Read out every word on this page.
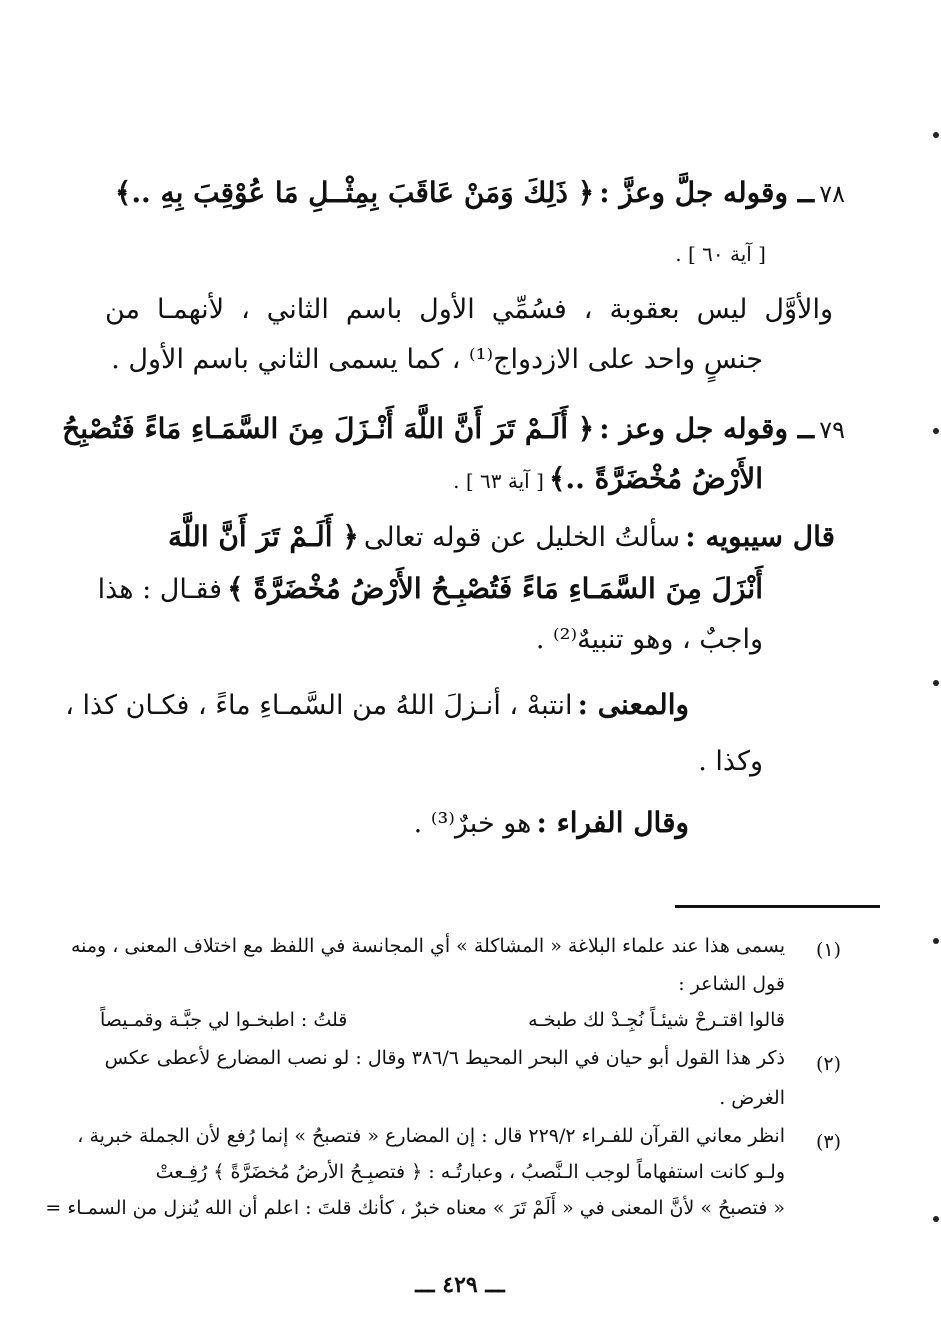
٧٨ ــ وقوله جلَّ وعزَّ : ﴿ ذَلِكَ وَمَنْ عَاقَبَ بِمِثْــلِ مَا عُوْقِبَ بِهِ ..﴾
[ آية ٦٠ ] .
والأوَّل ليس بعقوبة ، فسُمِّي الأول باسم الثاني ، لأنهمـا من
جنسٍ واحد على الازدواج⁽¹⁾ ، كما يسمى الثاني باسم الأول .
٧٩ ــ وقوله جل وعز : ﴿ أَلَـمْ تَرَ أَنَّ اللَّهَ أَنْـزَلَ مِنَ السَّمَـاءِ مَاءً فَتُصْبِحُ
الأَرْضُ مُخْضَرَّةً ..﴾ [ آية ٦٣ ] .
قال سيبويه : سألتُ الخليل عن قوله تعالى ﴿ أَلَـمْ تَرَ أَنَّ اللَّهَ
أَنْزَلَ مِنَ السَّمَـاءِ مَاءً فَتُصْبِـحُ الأَرْضُ مُخْضَرَّةً ﴾ فقـال : هذا
واجبٌ ، وهو تنبيهٌ⁽²⁾ .
والمعنى : انتبهْ ، أنـزلَ اللهُ من السَّمـاءِ ماءً ، فكـان كذا ،
وكذا .
وقال الفراء : هو خبرٌ⁽³⁾ .
(١)
يسمى هذا عند علماء البلاغة « المشاكلة » أي المجانسة في اللفظ مع اختلاف المعنى ، ومنه
قول الشاعر :
قالوا اقتـرحْ شيئـاً نُجِـدْ لك طبخـه
قلتُ : اطبخـوا لي جبَّـة وقمـيصاً
(٢)
ذكر هذا القول أبو حيان في البحر المحيط ٣٨٦/٦ وقال : لو نصب المضارع لأعطى عكس
الغرض .
(٣)
انظر معاني القرآن للفـراء ٢٢٩/٢ قال : إن المضارع « فتصبحُ » إنما رُفع لأن الجملة خبرية ،
ولـو كانت استفهاماً لوجب الـنَّصبُ ، وعبارتُـه : ﴿ فتصبِـحُ الأرضُ مُخضَرَّةً ﴾ رُفِـعتْ
« فتصبحُ » لأنَّ المعنى في « أَلَمْ تَرَ » معناه خبرٌ ، كأنك قلتَ : اعلم أن الله يُنزل من السمـاء =
ـــ ٤٢٩ ـــ
